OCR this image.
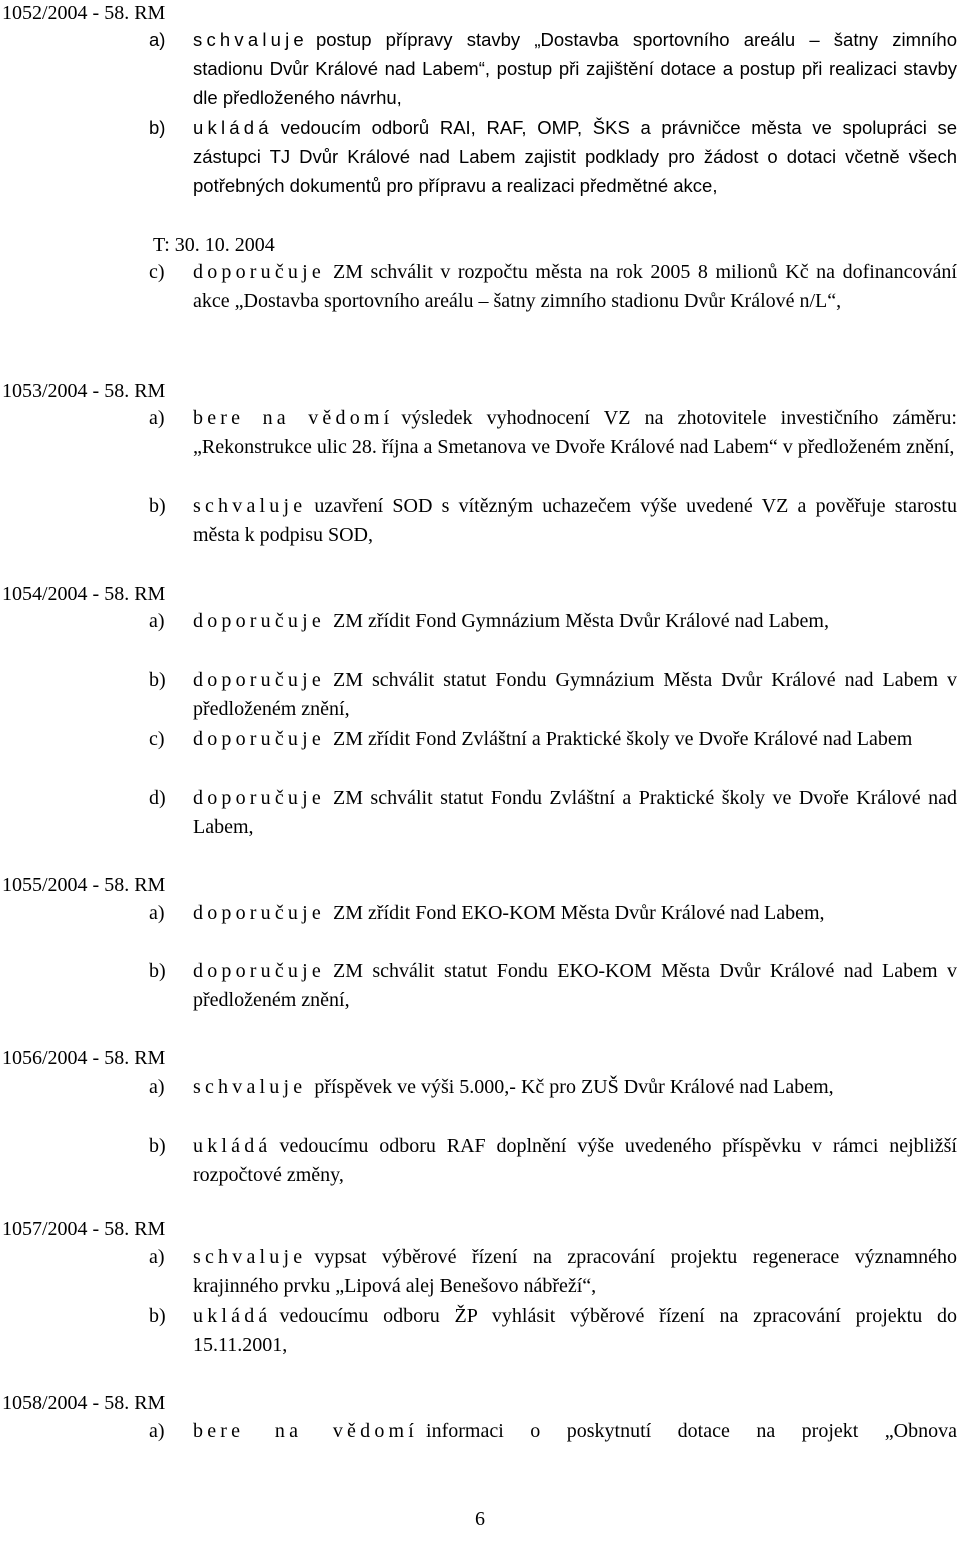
1052/2004 - 58. RM
a) schvaluje postup přípravy stavby „Dostavba sportovního areálu – šatny zimního stadionu Dvůr Králové nad Labem“, postup při zajištění dotace a postup při realizaci stavby dle předloženého návrhu,
b) ukládá vedoucím odborů RAI, RAF, OMP, ŠKS a právničce města ve spolupráci se zástupci TJ Dvůr Králové nad Labem zajistit podklady pro žádost o dotaci včetně všech potřebných dokumentů pro přípravu a realizaci předmětné akce,
T: 30. 10. 2004
c) doporučuje ZM schválit v rozpočtu města na rok 2005 8 milionů Kč na dofinancování akce „Dostavba sportovního areálu – šatny zimního stadionu Dvůr Králové n/L“,
1053/2004 - 58. RM
a) bere na vědomí výsledek vyhodnocení VZ na zhotovitele investičního záměru: „Rekonstrukce ulic 28. října a Smetanova ve Dvoře Králové nad Labem“ v předloženém znění,
b) schvaluje uzavření SOD s vítězným uchazečem výše uvedené VZ a pověřuje starostu města k podpisu SOD,
1054/2004 - 58. RM
a) doporučuje ZM zřídit Fond Gymnázium Města Dvůr Králové nad Labem,
b) doporučuje ZM schválit statut Fondu Gymnázium Města Dvůr Králové nad Labem v předloženém znění,
c) doporučuje ZM zřídit Fond Zvláštní a Praktické školy ve Dvoře Králové nad Labem
d) doporučuje ZM schválit statut Fondu Zvláštní a Praktické školy ve Dvoře Králové nad Labem,
1055/2004 - 58. RM
a) doporučuje ZM zřídit Fond EKO-KOM Města Dvůr Králové nad Labem,
b) doporučuje ZM schválit statut Fondu EKO-KOM Města Dvůr Králové nad Labem v předloženém znění,
1056/2004 - 58. RM
a) schvaluje příspěvek ve výši 5.000,- Kč pro ZUŠ Dvůr Králové nad Labem,
b) ukládá vedoucímu odboru RAF doplnění výše uvedeného příspěvku v rámci nejbližší rozpočtové změny,
1057/2004 - 58. RM
a) schvaluje vypsat výběrové řízení na zpracování projektu regenerace významného krajinného prvku „Lipová alej Benešovo nábřeží“,
b) ukládá vedoucímu odboru ŽP vyhlásit výběrové řízení na zpracování projektu do 15.11.2001,
1058/2004 - 58. RM
a) bere na vědomí informaci o poskytnutí dotace na projekt „Obnova
6
